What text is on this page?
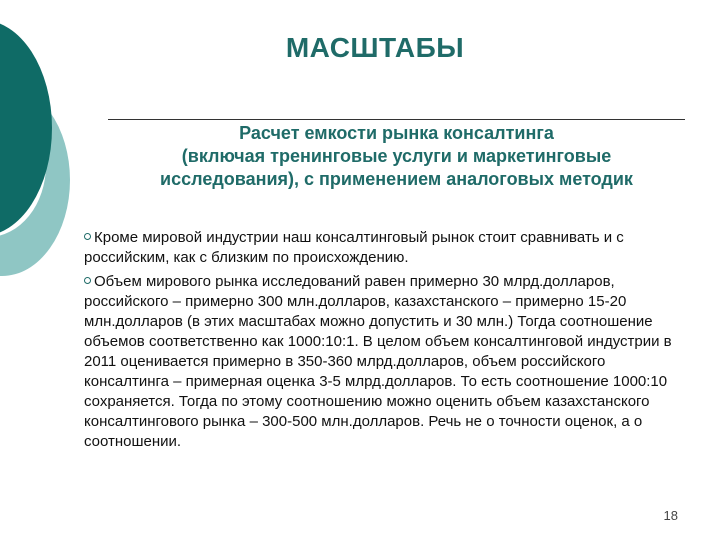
МАСШТАБЫ
Расчет емкости рынка консалтинга
(включая тренинговые услуги и маркетинговые
исследования), с применением аналоговых методик
Кроме мировой индустрии наш консалтинговый рынок стоит сравнивать и с российским, как с близким по происхождению.
Объем мирового рынка исследований равен примерно 30 млрд.долларов, российского – примерно 300 млн.долларов, казахстанского – примерно 15-20 млн.долларов (в этих масштабах можно допустить и 30 млн.) Тогда соотношение объемов соответственно как 1000:10:1. В целом объем консалтинговой индустрии в 2011 оценивается примерно в 350-360 млрд.долларов, объем российского консалтинга – примерная оценка 3-5 млрд.долларов. То есть соотношение 1000:10 сохраняется. Тогда по этому соотношению можно оценить объем казахстанского консалтингового рынка – 300-500 млн.долларов. Речь не о точности оценок, а о соотношении.
18
